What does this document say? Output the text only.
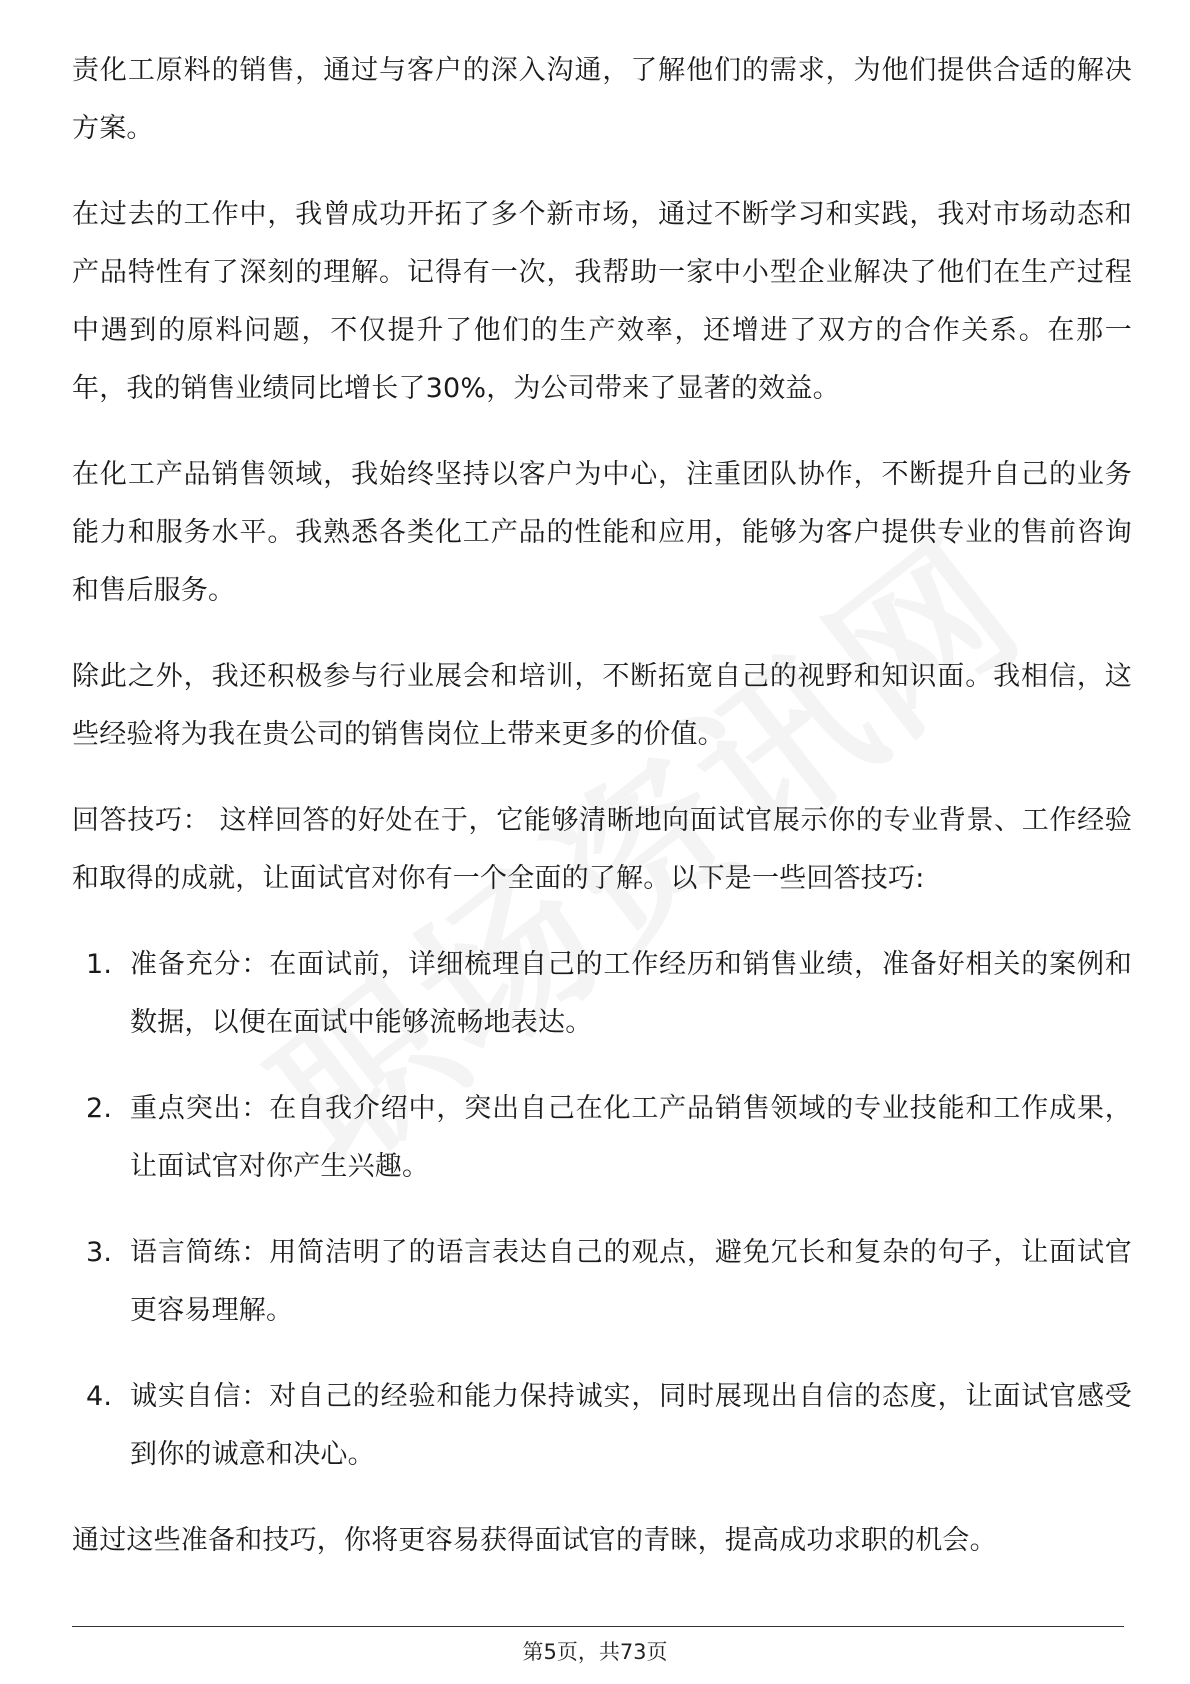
责化工原料的销售，通过与客户的深入沟通，了解他们的需求，为他们提供合适的解决方案。

在过去的工作中，我曾成功开拓了多个新市场，通过不断学习和实践，我对市场动态和产品特性有了深刻的理解。记得有一次，我帮助一家中小型企业解决了他们在生产过程中遇到的原料问题，不仅提升了他们的生产效率，还增进了双方的合作关系。在那一年，我的销售业绩同比增长了30%，为公司带来了显著的效益。

在化工产品销售领域，我始终坚持以客户为中心，注重团队协作，不断提升自己的业务能力和服务水平。我熟悉各类化工产品的性能和应用，能够为客户提供专业的售前咨询和售后服务。

除此之外，我还积极参与行业展会和培训，不断拓宽自己的视野和知识面。我相信，这些经验将为我在贵公司的销售岗位上带来更多的价值。

回答技巧： 这样回答的好处在于，它能够清晰地向面试官展示你的专业背景、工作经验和取得的成就，让面试官对你有一个全面的了解。以下是一些回答技巧:

1. 准备充分：在面试前，详细梳理自己的工作经历和销售业绩，准备好相关的案例和数据，以便在面试中能够流畅地表达。
2. 重点突出：在自我介绍中，突出自己在化工产品销售领域的专业技能和工作成果，让面试官对你产生兴趣。
3. 语言简练：用简洁明了的语言表达自己的观点，避免冗长和复杂的句子，让面试官更容易理解。
4. 诚实自信：对自己的经验和能力保持诚实，同时展现出自信的态度，让面试官感受到你的诚意和决心。

通过这些准备和技巧，你将更容易获得面试官的青睐，提高成功求职的机会。

第5页，共73页
